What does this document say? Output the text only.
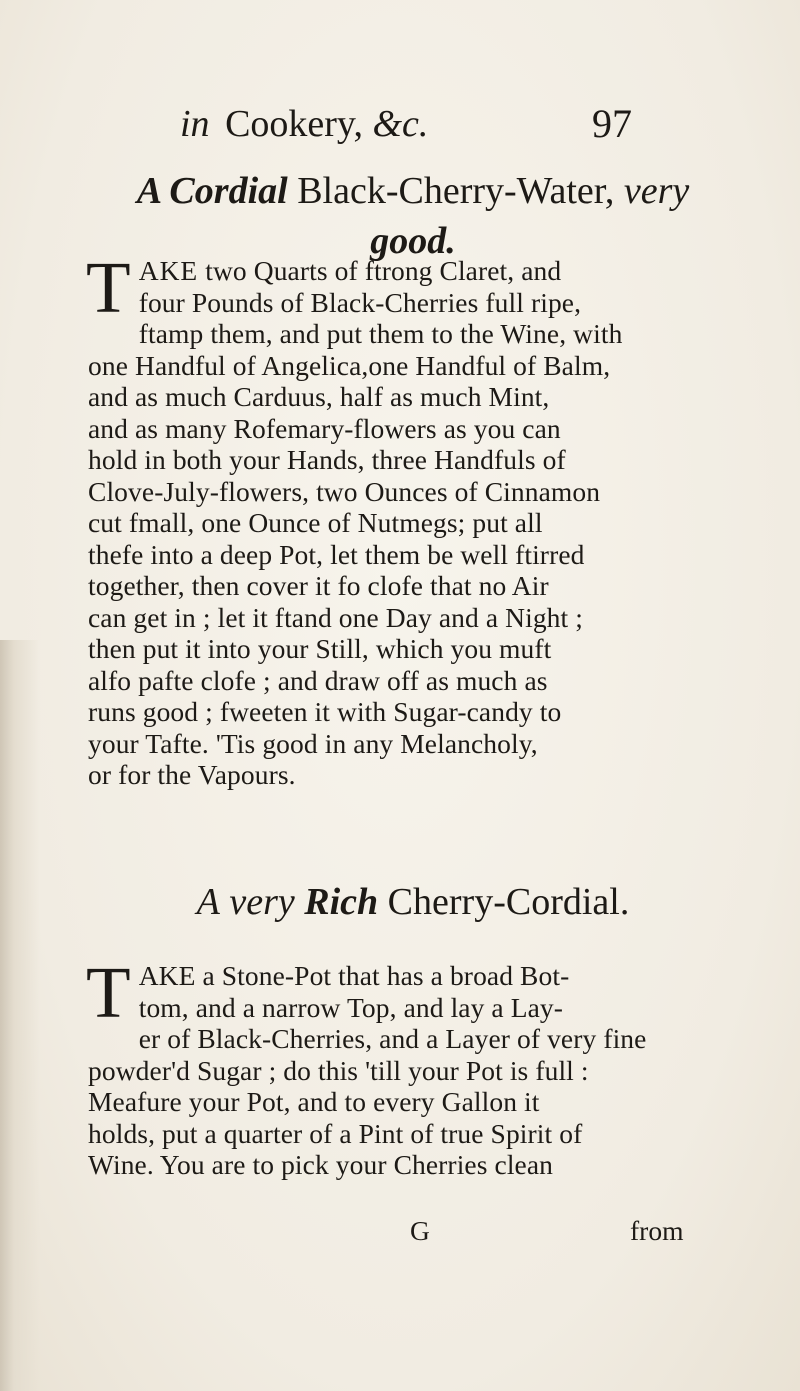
in Cookery, &c.	97
A Cordial Black-Cherry-Water, very
good.
T AKE two Quarts of ftrong Claret, and
four Pounds of Black-Cherries full ripe,
ftamp them, and put them to the Wine, with
one Handful of Angelica,one Handful of Balm,
and as much Carduus, half as much Mint,
and as many Rofemary-flowers as you can
hold in both your Hands, three Handfuls of
Clove-July-flowers, two Ounces of Cinnamon
cut fmall, one Ounce of Nutmegs; put all
thefe into a deep Pot, let them be well ftirred
together, then cover it fo clofe that no Air
can get in ; let it ftand one Day and a Night ;
then put it into your Still, which you muft
alfo pafte clofe ; and draw off as much as
runs good ; fweeten it with Sugar-candy to
your Tafte. 'Tis good in any Melancholy,
or for the Vapours.
A very Rich Cherry-Cordial.
T AKE a Stone-Pot that has a broad Bot-
tom, and a narrow Top, and lay a Lay-
er of Black-Cherries, and a Layer of very fine
powder'd Sugar ; do this 'till your Pot is full :
Meafure your Pot, and to every Gallon it
holds, put a quarter of a Pint of true Spirit of
Wine. You are to pick your Cherries clean
G	from
